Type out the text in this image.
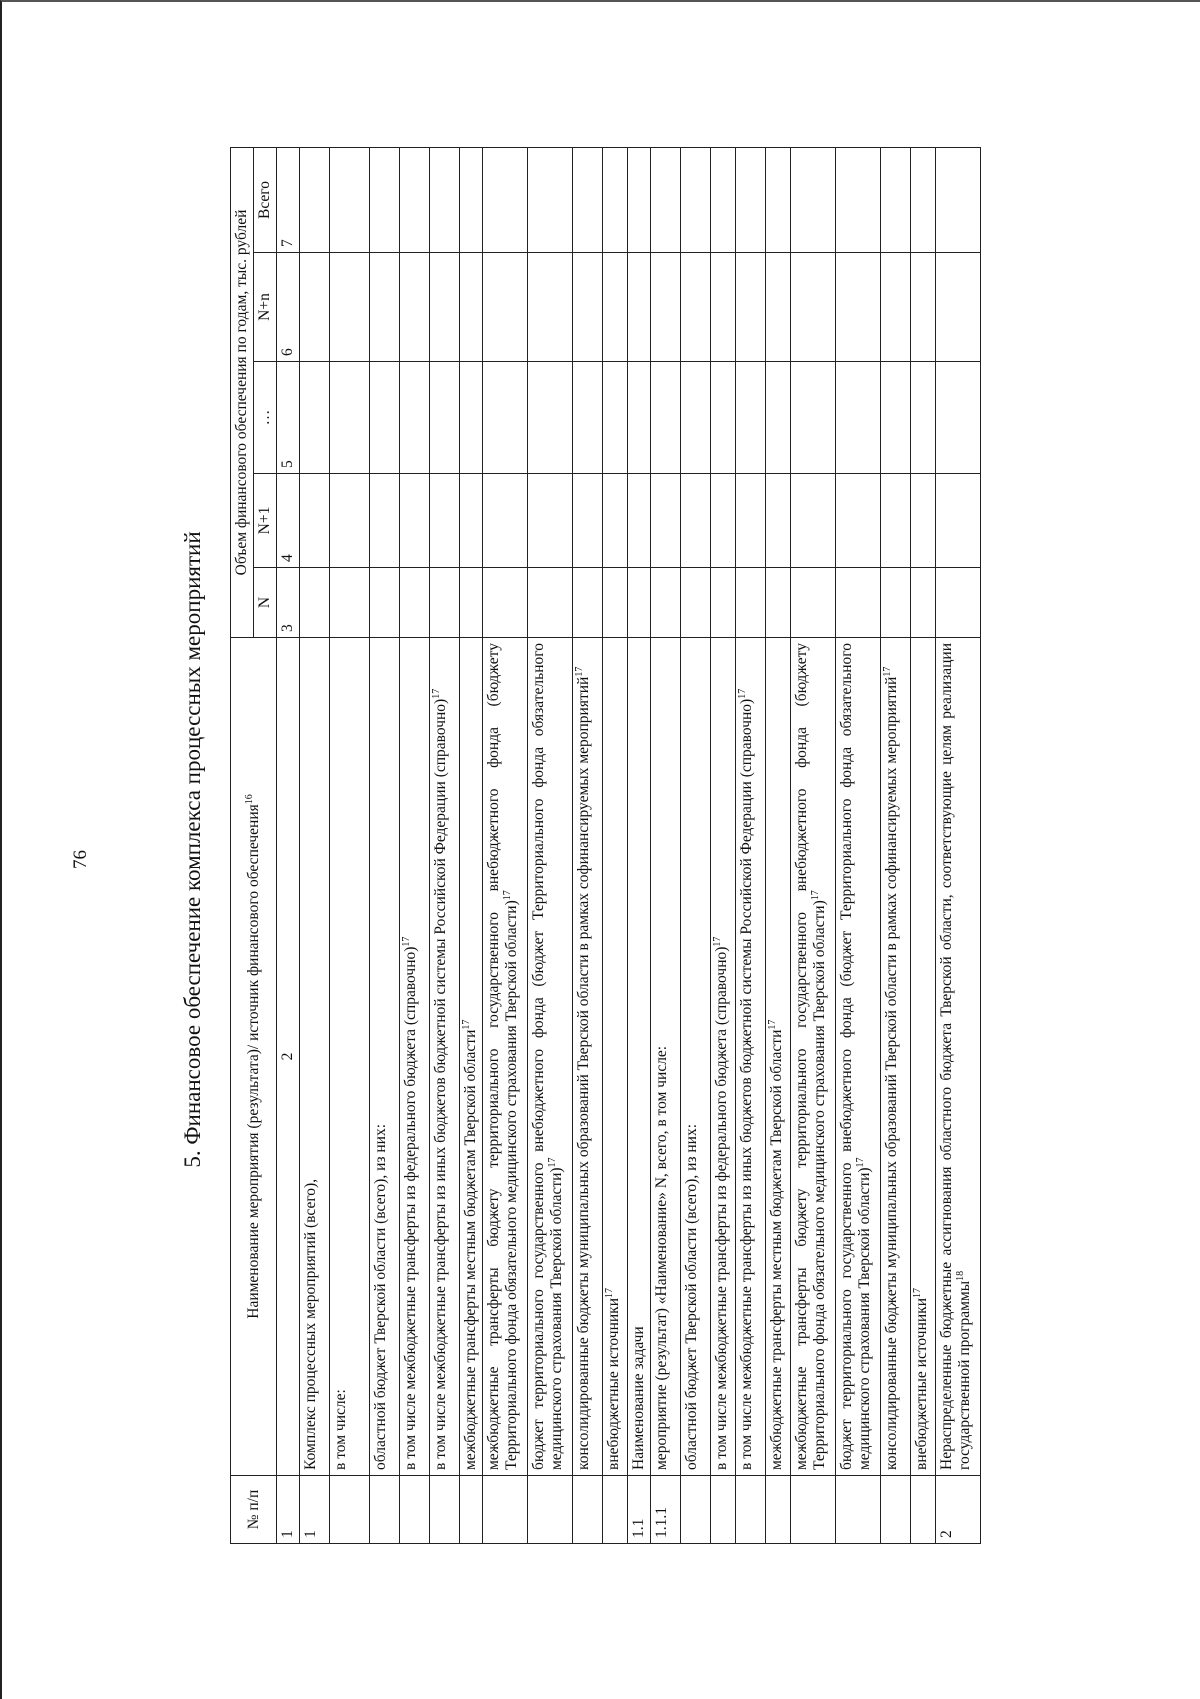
76	5. Финансовое обеспечение комплекса процессных мероприятий
№ п/п	Наименование мероприятия (результата)/ источник финансового обеспечения$^{16}$	Объем финансового обеспечения по годам, тыс. рублей				
		N	N+1	…	N+n	Всего
1	2	3	4	5	6	7
1	Комплекс процессных мероприятий (всего),					
	в том числе:					
	областной бюджет Тверской области (всего), из них:					
	в том числе межбюджетные трансферты из федерального бюджета (справочно)$^{17}$					
	в том числе межбюджетные трансферты из иных бюджетов бюджетной системы Российской Федерации (справочно)$^{17}$					
	межбюджетные трансферты местным бюджетам Тверской области$^{17}$					
	межбюджетные трансферты бюджету территориального государственного внебюджетного фонда (бюджету Территориального фонда обязательного медицинского страхования Тверской области)$^{17}$					
	бюджет территориального государственного внебюджетного фонда (бюджет Территориального фонда обязательного медицинского страхования Тверской области)$^{17}$					
	консолидированные бюджеты муниципальных образований Тверской области в рамках софинансируемых мероприятий$^{17}$					
	внебюджетные источники$^{17}$					
1.1	Наименование задачи					
1.1.1	мероприятие (результат) «Наименование» N, всего, в том числе:					
	областной бюджет Тверской области (всего), из них:					
	в том числе межбюджетные трансферты из федерального бюджета (справочно)$^{17}$					
	в том числе межбюджетные трансферты из иных бюджетов бюджетной системы Российской Федерации (справочно)$^{17}$					
	межбюджетные трансферты местным бюджетам Тверской области$^{17}$					
	межбюджетные трансферты бюджету территориального государственного внебюджетного фонда (бюджету Территориального фонда обязательного медицинского страхования Тверской области)$^{17}$					
	бюджет территориального государственного внебюджетного фонда (бюджет Территориального фонда обязательного медицинского страхования Тверской области)$^{17}$					
	консолидированные бюджеты муниципальных образований Тверской области в рамках софинансируемых мероприятий$^{17}$					
	внебюджетные источники$^{17}$					
2	Нераспределенные бюджетные ассигнования областного бюджета Тверской области, соответствующие целям реализации государственной программы$^{18}$					
